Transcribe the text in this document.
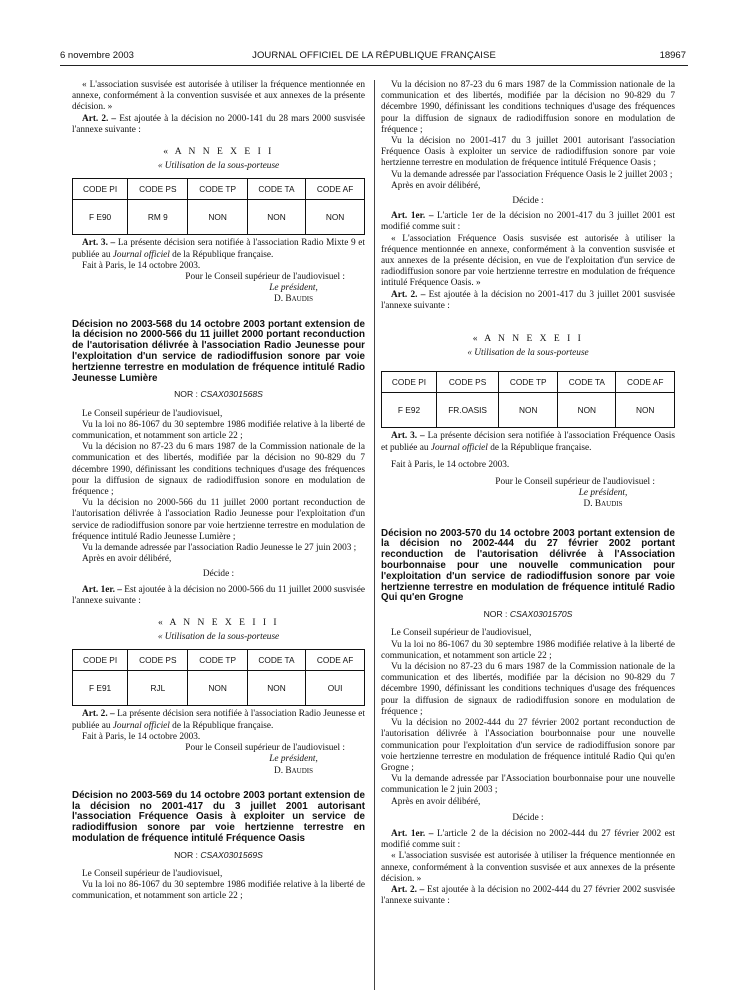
6 novembre 2003	JOURNAL OFFICIEL DE LA RÉPUBLIQUE FRANÇAISE	18967

« L'association susvisée est autorisée à utiliser la fréquence mentionnée en annexe, conformément à la convention susvisée et aux annexes de la présente décision. »

Art. 2. – Est ajoutée à la décision no 2000-141 du 28 mars 2000 susvisée l'annexe suivante :

« A N N E X E I I
« Utilisation de la sous-porteuse
CODE PI	CODE PS	CODE TP	CODE TA	CODE AF
F E90	RM 9	NON	NON	NON

Art. 3. – La présente décision sera notifiée à l'association Radio Mixte 9 et publiée au Journal officiel de la République française.

Fait à Paris, le 14 octobre 2003.

Pour le Conseil supérieur de l'audiovisuel :
Le président,
D. Baudis
Décision no 2003-568 du 14 octobre 2003 portant extension de la décision no 2000-566 du 11 juillet 2000 portant reconduction de l'autorisation délivrée à l'association Radio Jeunesse pour l'exploitation d'un service de radiodiffusion sonore par voie hertzienne terrestre en modulation de fréquence intitulé Radio Jeunesse Lumière
NOR : CSAX0301568S

Le Conseil supérieur de l'audiovisuel,

Vu la loi no 86-1067 du 30 septembre 1986 modifiée relative à la liberté de communication, et notamment son article 22 ;

Vu la décision no 87-23 du 6 mars 1987 de la Commission nationale de la communication et des libertés, modifiée par la décision no 90-829 du 7 décembre 1990, définissant les conditions techniques d'usage des fréquences pour la diffusion de signaux de radiodiffusion sonore en modulation de fréquence ;

Vu la décision no 2000-566 du 11 juillet 2000 portant reconduction de l'autorisation délivrée à l'association Radio Jeunesse pour l'exploitation d'un service de radiodiffusion sonore par voie hertzienne terrestre en modulation de fréquence intitulé Radio Jeunesse Lumière ;

Vu la demande adressée par l'association Radio Jeunesse le 27 juin 2003 ;

Après en avoir délibéré,

Décide :

Art. 1er. – Est ajoutée à la décision no 2000-566 du 11 juillet 2000 susvisée l'annexe suivante :

« A N N E X E I I I
« Utilisation de la sous-porteuse
CODE PI	CODE PS	CODE TP	CODE TA	CODE AF
F E91	RJL	NON	NON	OUI

Art. 2. – La présente décision sera notifiée à l'association Radio Jeunesse et publiée au Journal officiel de la République française.

Fait à Paris, le 14 octobre 2003.

Pour le Conseil supérieur de l'audiovisuel :
Le président,
D. Baudis
Décision no 2003-569 du 14 octobre 2003 portant extension de la décision no 2001-417 du 3 juillet 2001 autorisant l'association Fréquence Oasis à exploiter un service de radiodiffusion sonore par voie hertzienne terrestre en modulation de fréquence intitulé Fréquence Oasis
NOR : CSAX0301569S

Le Conseil supérieur de l'audiovisuel,

Vu la loi no 86-1067 du 30 septembre 1986 modifiée relative à la liberté de communication, et notamment son article 22 ;

Vu la décision no 87-23 du 6 mars 1987 de la Commission nationale de la communication et des libertés, modifiée par la décision no 90-829 du 7 décembre 1990, définissant les conditions techniques d'usage des fréquences pour la diffusion de signaux de radiodiffusion sonore en modulation de fréquence ;

Vu la décision no 2001-417 du 3 juillet 2001 autorisant l'association Fréquence Oasis à exploiter un service de radiodiffusion sonore par voie hertzienne terrestre en modulation de fréquence intitulé Fréquence Oasis ;

Vu la demande adressée par l'association Fréquence Oasis le 2 juillet 2003 ;

Après en avoir délibéré,

Décide :

Art. 1er. – L'article 1er de la décision no 2001-417 du 3 juillet 2001 est modifié comme suit :

« L'association Fréquence Oasis susvisée est autorisée à utiliser la fréquence mentionnée en annexe, conformément à la convention susvisée et aux annexes de la présente décision, en vue de l'exploitation d'un service de radiodiffusion sonore par voie hertzienne terrestre en modulation de fréquence intitulé Fréquence Oasis. »

Art. 2. – Est ajoutée à la décision no 2001-417 du 3 juillet 2001 susvisée l'annexe suivante :

« A N N E X E I I
« Utilisation de la sous-porteuse
CODE PI	CODE PS	CODE TP	CODE TA	CODE AF
F E92	FR.OASIS	NON	NON	NON

Art. 3. – La présente décision sera notifiée à l'association Fréquence Oasis et publiée au Journal officiel de la République française.

Fait à Paris, le 14 octobre 2003.

Pour le Conseil supérieur de l'audiovisuel :
Le président,
D. Baudis
Décision no 2003-570 du 14 octobre 2003 portant extension de la décision no 2002-444 du 27 février 2002 portant reconduction de l'autorisation délivrée à l'Association bourbonnaise pour une nouvelle communication pour l'exploitation d'un service de radiodiffusion sonore par voie hertzienne terrestre en modulation de fréquence intitulé Radio Qui qu'en Grogne
NOR : CSAX0301570S

Le Conseil supérieur de l'audiovisuel,

Vu la loi no 86-1067 du 30 septembre 1986 modifiée relative à la liberté de communication, et notamment son article 22 ;

Vu la décision no 87-23 du 6 mars 1987 de la Commission nationale de la communication et des libertés, modifiée par la décision no 90-829 du 7 décembre 1990, définissant les conditions techniques d'usage des fréquences pour la diffusion de signaux de radiodiffusion sonore en modulation de fréquence ;

Vu la décision no 2002-444 du 27 février 2002 portant reconduction de l'autorisation délivrée à l'Association bourbonnaise pour une nouvelle communication pour l'exploitation d'un service de radiodiffusion sonore par voie hertzienne terrestre en modulation de fréquence intitulé Radio Qui qu'en Grogne ;

Vu la demande adressée par l'Association bourbonnaise pour une nouvelle communication le 2 juin 2003 ;

Après en avoir délibéré,

Décide :

Art. 1er. – L'article 2 de la décision no 2002-444 du 27 février 2002 est modifié comme suit :

« L'association susvisée est autorisée à utiliser la fréquence mentionnée en annexe, conformément à la convention susvisée et aux annexes de la présente décision. »

Art. 2. – Est ajoutée à la décision no 2002-444 du 27 février 2002 susvisée l'annexe suivante :
